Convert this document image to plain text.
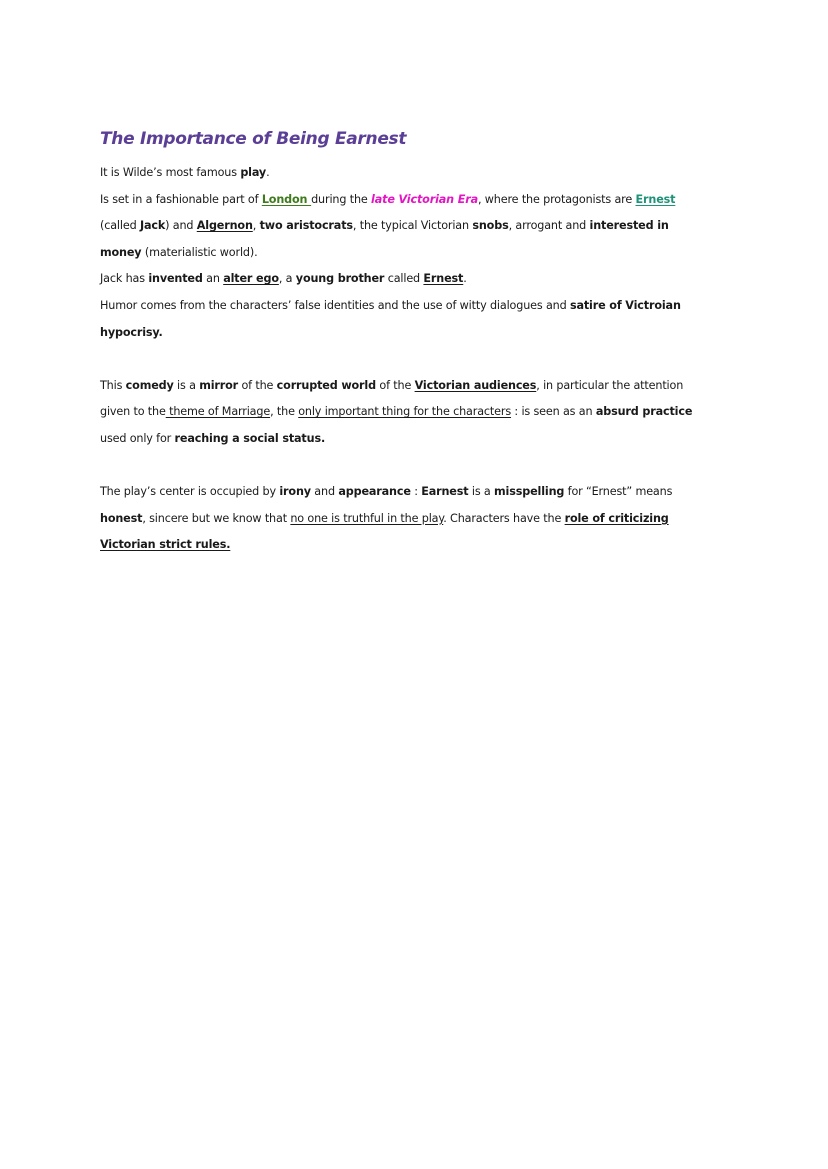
The Importance of Being Earnest
It is Wilde’s most famous play.
Is set in a fashionable part of London during the late Victorian Era, where the protagonists are Ernest
(called Jack) and Algernon, two aristocrats, the typical Victorian snobs, arrogant and interested in
money (materialistic world).
Jack has invented an alter ego, a young brother called Ernest.
Humor comes from the characters’ false identities and the use of witty dialogues and satire of Victroian
hypocrisy.
This comedy is a mirror of the corrupted world of the Victorian audiences, in particular the attention
given to the theme of Marriage, the only important thing for the characters : is seen as an absurd practice
used only for reaching a social status.
The play’s center is occupied by irony and appearance : Earnest is a misspelling for “Ernest” means
honest, sincere but we know that no one is truthful in the play. Characters have the role of criticizing
Victorian strict rules.
